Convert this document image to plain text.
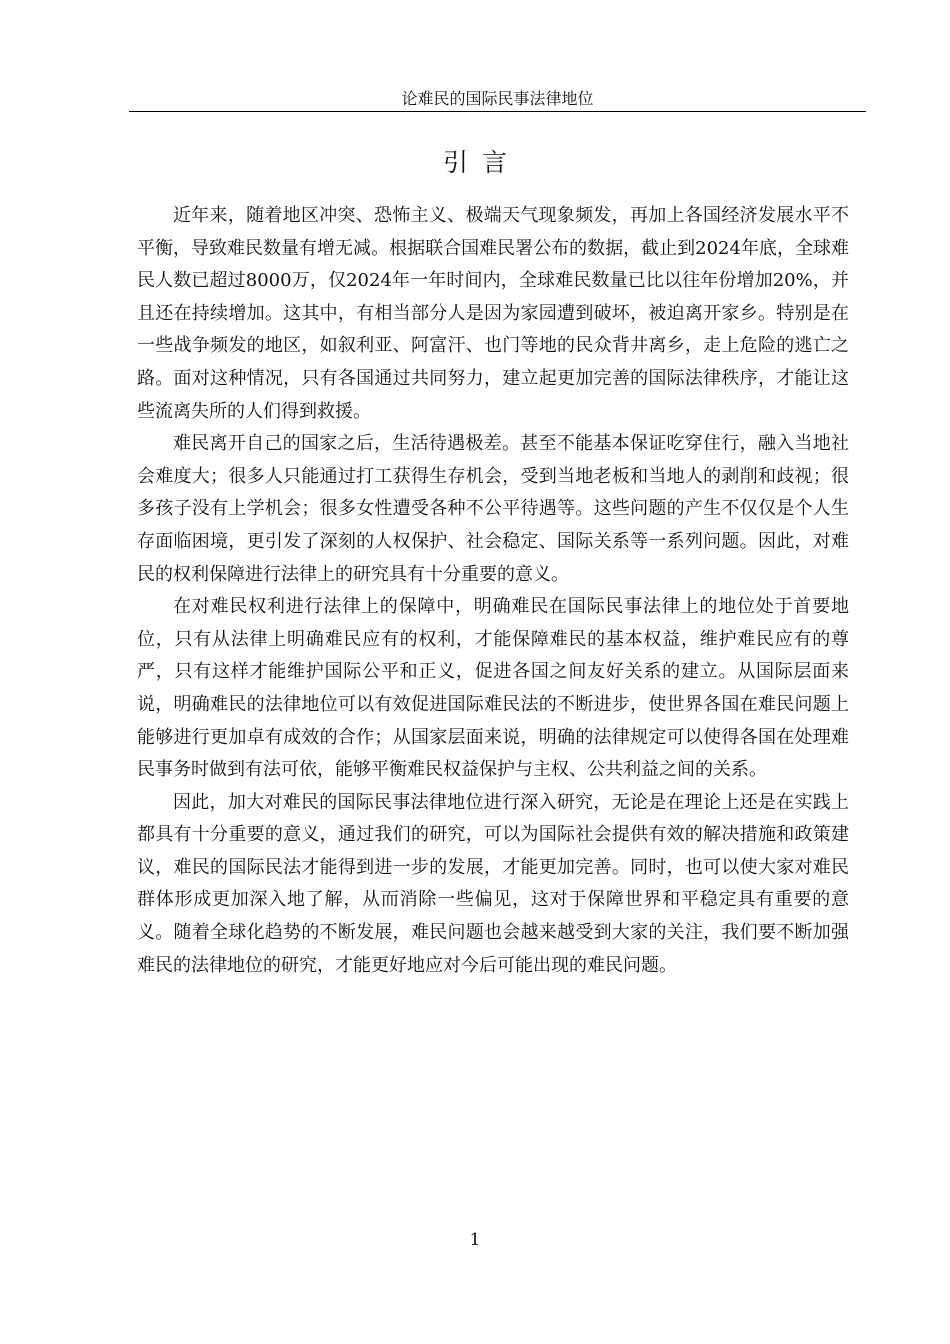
论难民的国际民事法律地位
引言

近年来，随着地区冲突、恐怖主义、极端天气现象频发，再加上各国经济发展水平不平衡，导致难民数量有增无减。根据联合国难民署公布的数据，截止到2024年底，全球难民人数已超过8000万，仅2024年一年时间内，全球难民数量已比以往年份增加20%，并且还在持续增加。这其中，有相当部分人是因为家园遭到破坏，被迫离开家乡。特别是在一些战争频发的地区，如叙利亚、阿富汗、也门等地的民众背井离乡，走上危险的逃亡之路。面对这种情况，只有各国通过共同努力，建立起更加完善的国际法律秩序，才能让这些流离失所的人们得到救援。

难民离开自己的国家之后，生活待遇极差。甚至不能基本保证吃穿住行，融入当地社会难度大；很多人只能通过打工获得生存机会，受到当地老板和当地人的剥削和歧视；很多孩子没有上学机会；很多女性遭受各种不公平待遇等。这些问题的产生不仅仅是个人生存面临困境，更引发了深刻的人权保护、社会稳定、国际关系等一系列问题。因此，对难民的权利保障进行法律上的研究具有十分重要的意义。

在对难民权利进行法律上的保障中，明确难民在国际民事法律上的地位处于首要地位，只有从法律上明确难民应有的权利，才能保障难民的基本权益，维护难民应有的尊严，只有这样才能维护国际公平和正义，促进各国之间友好关系的建立。从国际层面来说，明确难民的法律地位可以有效促进国际难民法的不断进步，使世界各国在难民问题上能够进行更加卓有成效的合作；从国家层面来说，明确的法律规定可以使得各国在处理难民事务时做到有法可依，能够平衡难民权益保护与主权、公共利益之间的关系。

因此，加大对难民的国际民事法律地位进行深入研究，无论是在理论上还是在实践上都具有十分重要的意义，通过我们的研究，可以为国际社会提供有效的解决措施和政策建议，难民的国际民法才能得到进一步的发展，才能更加完善。同时，也可以使大家对难民群体形成更加深入地了解，从而消除一些偏见，这对于保障世界和平稳定具有重要的意义。随着全球化趋势的不断发展，难民问题也会越来越受到大家的关注，我们要不断加强难民的法律地位的研究，才能更好地应对今后可能出现的难民问题。

1
